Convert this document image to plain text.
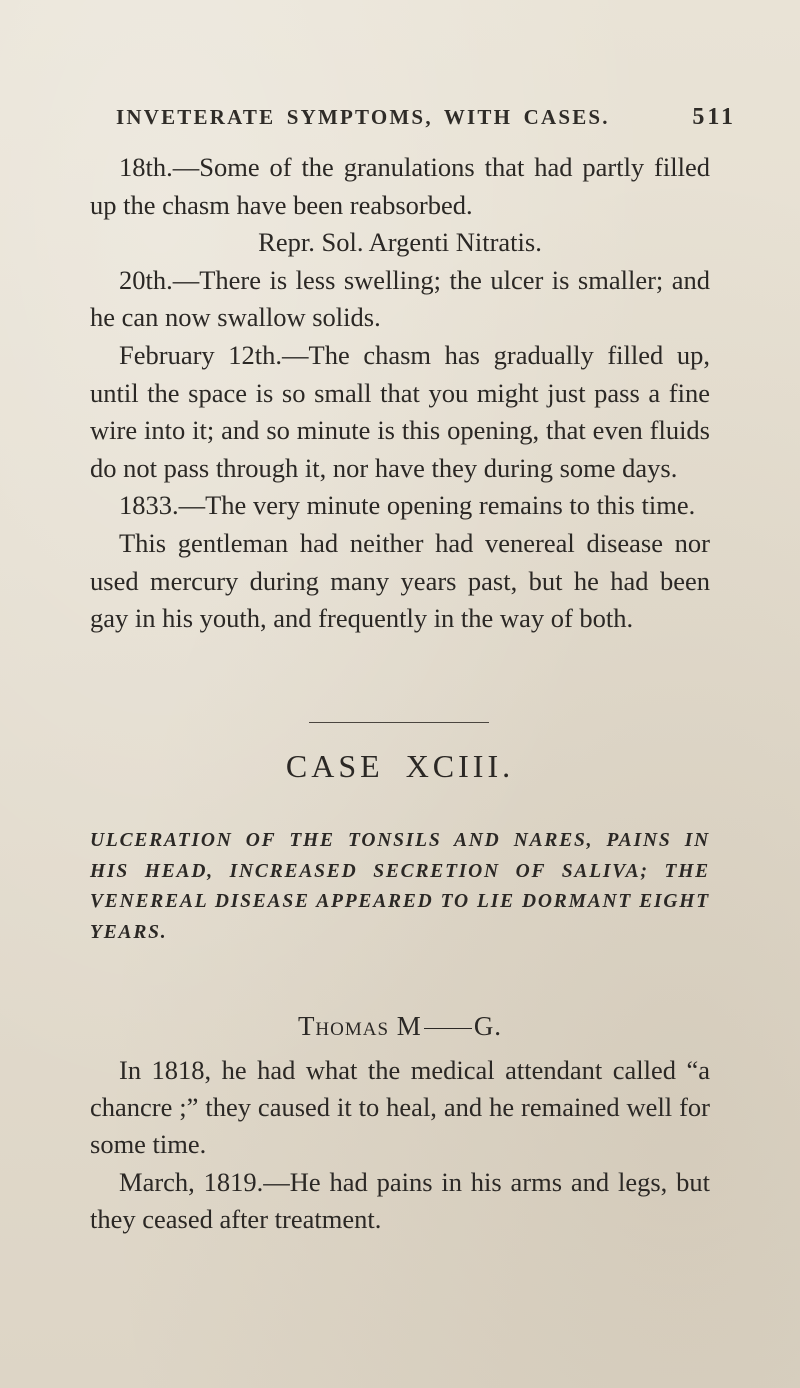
INVETERATE SYMPTOMS, WITH CASES.	511

18th.—Some of the granulations that had partly filled up the chasm have been reabsorbed.

Repr. Sol. Argenti Nitratis.

20th.—There is less swelling; the ulcer is smaller; and he can now swallow solids.

February 12th.—The chasm has gradually filled up, until the space is so small that you might just pass a fine wire into it; and so minute is this opening, that even fluids do not pass through it, nor have they during some days.

1833.—The very minute opening remains to this time.

This gentleman had neither had venereal disease nor used mercury during many years past, but he had been gay in his youth, and frequently in the way of both.

CASE XCIII.
ULCERATION OF THE TONSILS AND NARES, PAINS IN HIS HEAD, INCREASED SECRETION OF SALIVA; THE VENEREAL DISEASE APPEARED TO LIE DORMANT EIGHT YEARS.
Thomas M G.

In 1818, he had what the medical attendant called “a chancre ;” they caused it to heal, and he remained well for some time.

March, 1819.—He had pains in his arms and legs, but they ceased after treatment.
